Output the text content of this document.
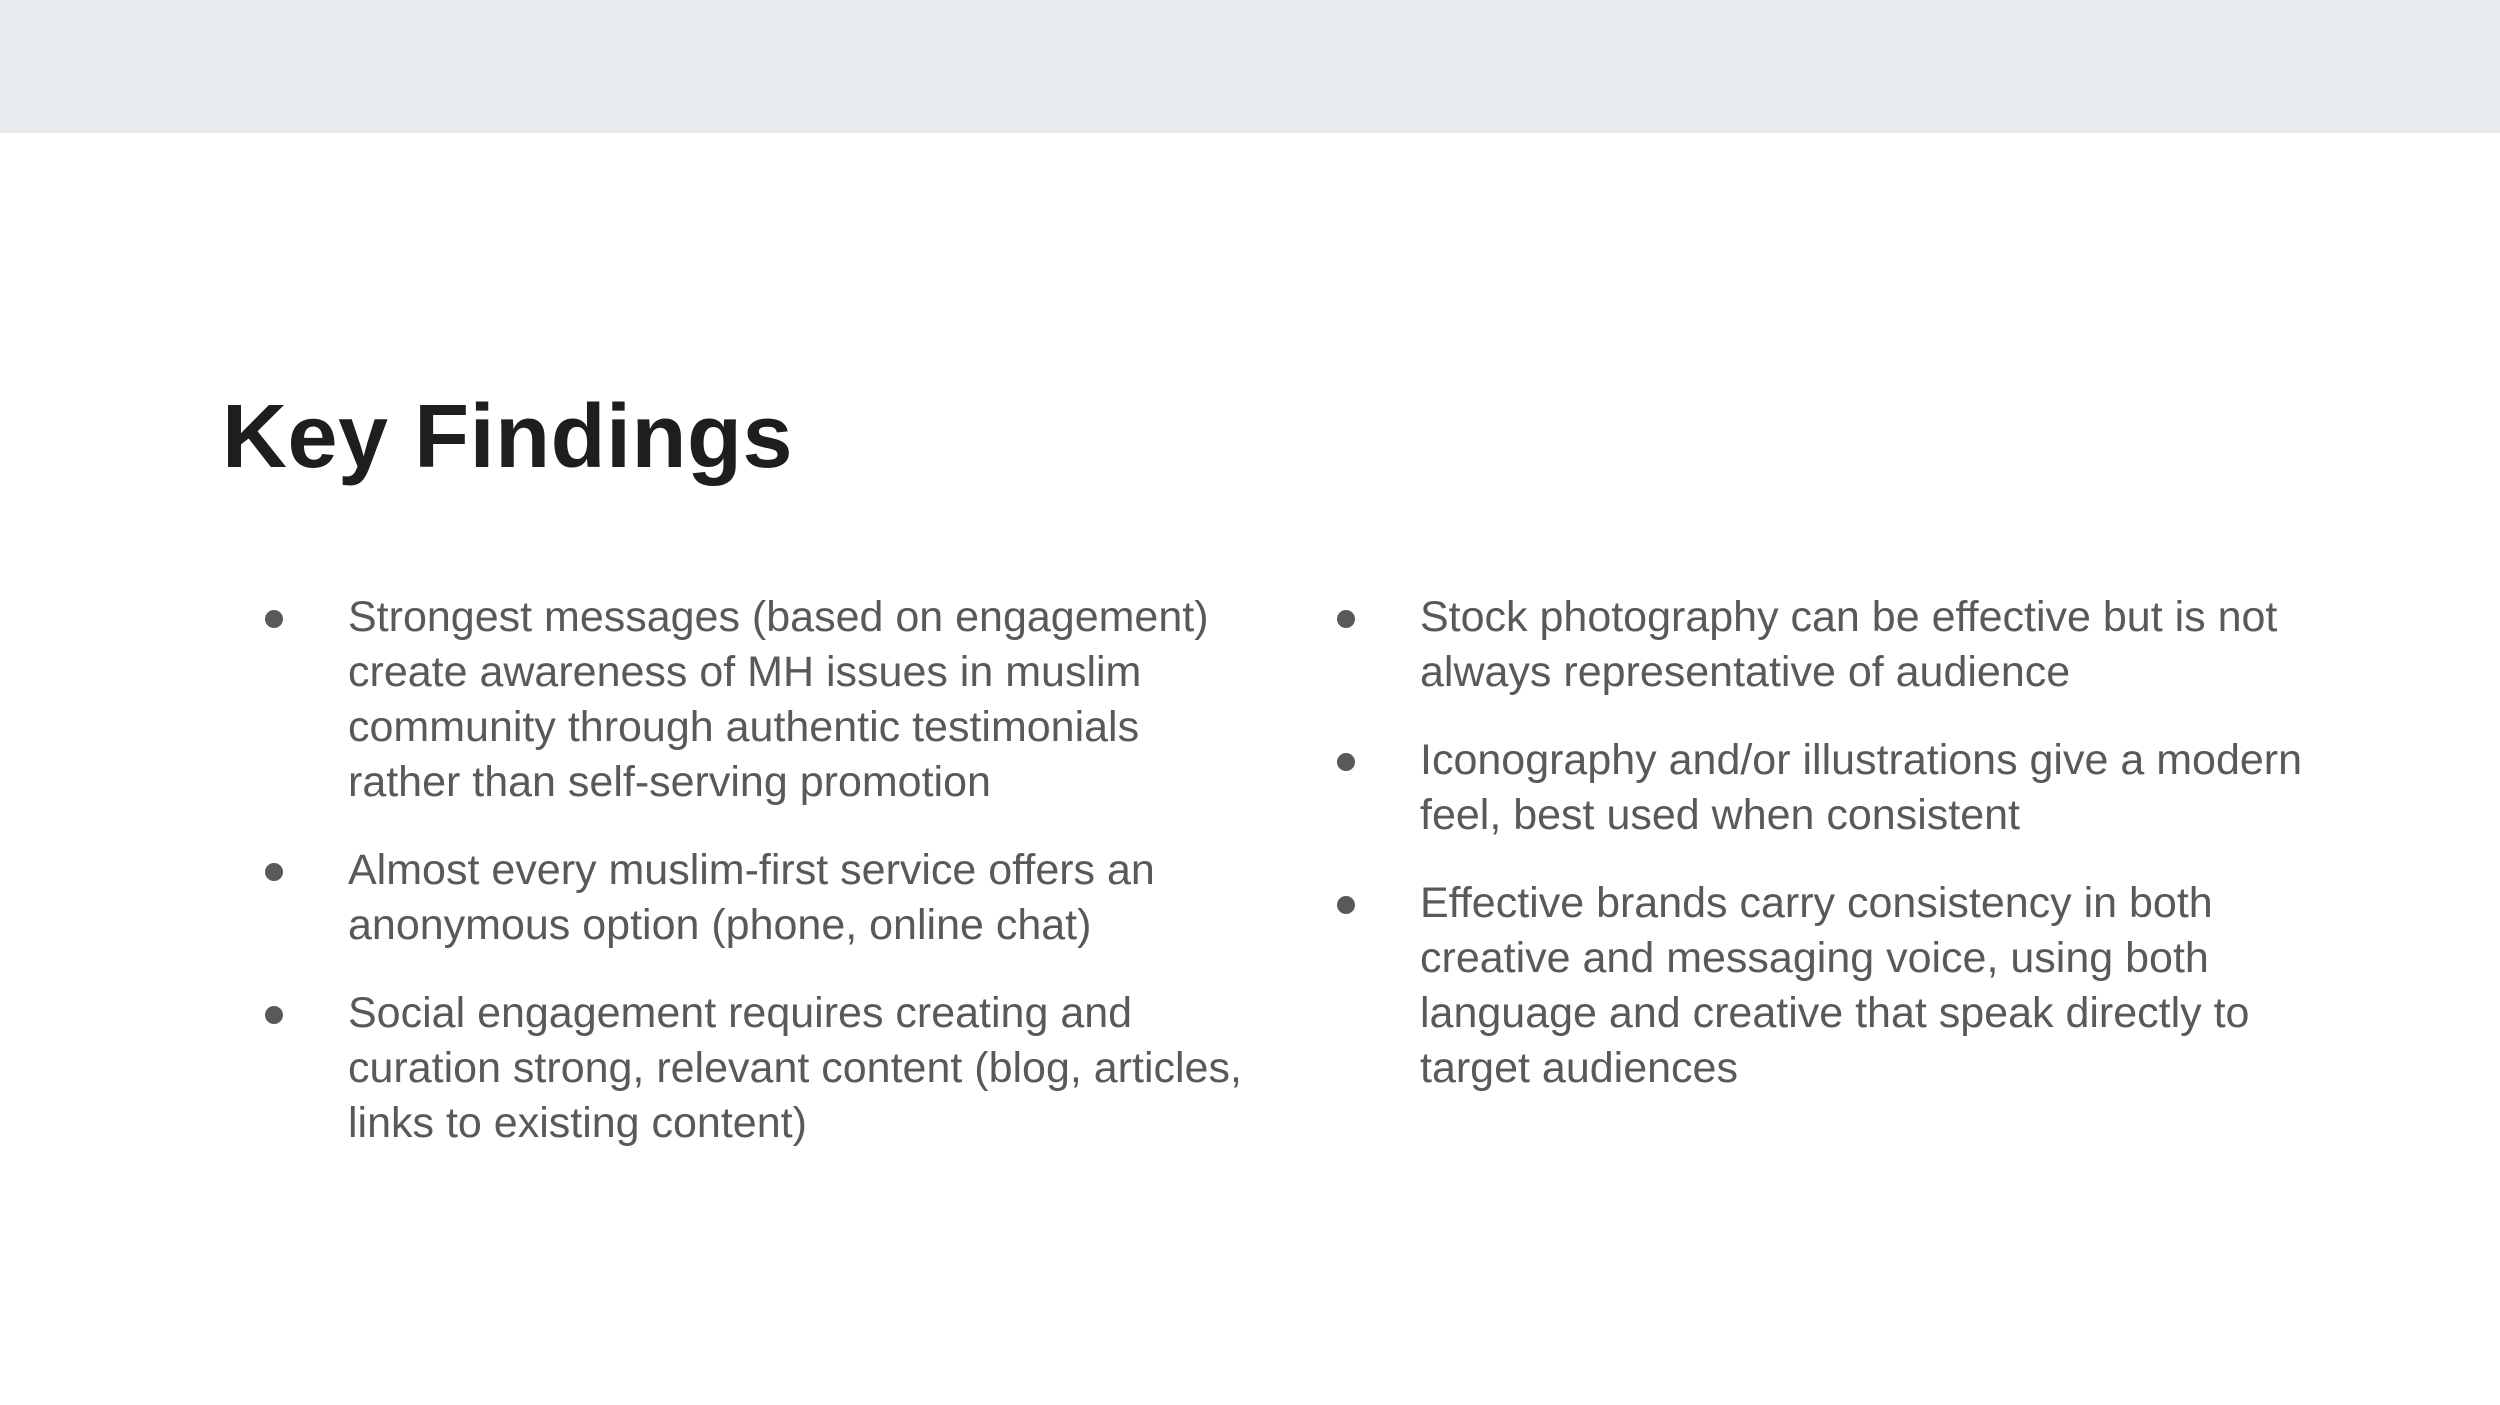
Key Findings
Strongest messages (based on engagement) create awareness of MH issues in muslim community through authentic testimonials rather than self-serving promotion
Almost every muslim-first service offers an anonymous option (phone, online chat)
Social engagement requires creating and curation strong, relevant content (blog, articles, links to existing content)
Stock photography can be effective but is not always representative of audience
Iconography and/or illustrations give a modern feel, best used when consistent
Effective brands carry consistency in both creative and messaging voice, using both language and creative that speak directly to target audiences
